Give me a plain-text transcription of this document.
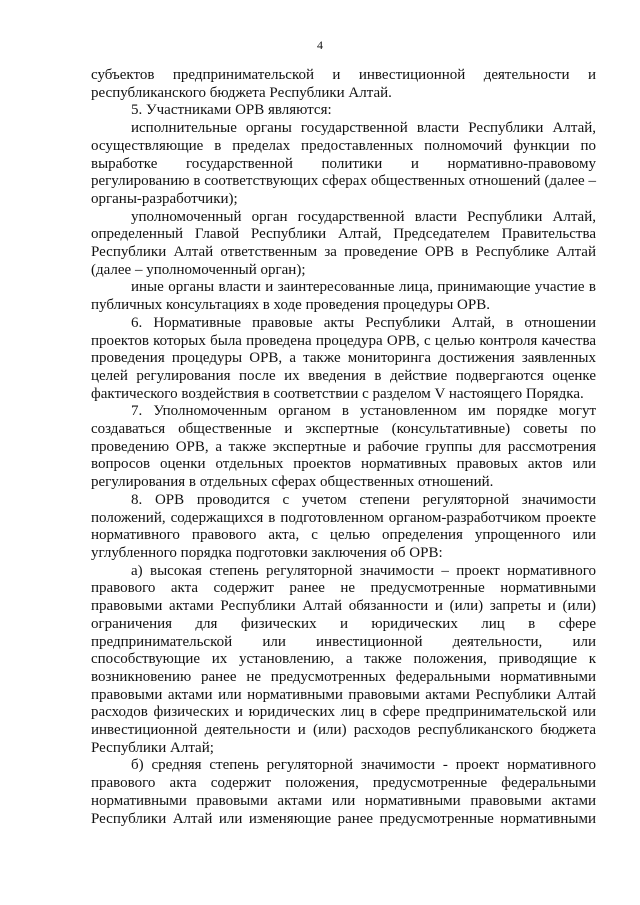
4

субъектов предпринимательской и инвестиционной деятельности и республиканского бюджета Республики Алтай.

5. Участниками ОРВ являются:

исполнительные органы государственной власти Республики Алтай, осуществляющие в пределах предоставленных полномочий функции по выработке государственной политики и нормативно-правовому регулированию в соответствующих сферах общественных отношений (далее – органы-разработчики);

уполномоченный орган государственной власти Республики Алтай, определенный Главой Республики Алтай, Председателем Правительства Республики Алтай ответственным за проведение ОРВ в Республике Алтай (далее – уполномоченный орган);

иные органы власти и заинтересованные лица, принимающие участие в публичных консультациях в ходе проведения процедуры ОРВ.

6. Нормативные правовые акты Республики Алтай, в отношении проектов которых была проведена процедура ОРВ, с целью контроля качества проведения процедуры ОРВ, а также мониторинга достижения заявленных целей регулирования после их введения в действие подвергаются оценке фактического воздействия в соответствии с разделом V настоящего Порядка.

7. Уполномоченным органом в установленном им порядке могут создаваться общественные и экспертные (консультативные) советы по проведению ОРВ, а также экспертные и рабочие группы для рассмотрения вопросов оценки отдельных проектов нормативных правовых актов или регулирования в отдельных сферах общественных отношений.

8. ОРВ проводится с учетом степени регуляторной значимости положений, содержащихся в подготовленном органом-разработчиком проекте нормативного правового акта, с целью определения упрощенного или углубленного порядка подготовки заключения об ОРВ:

а) высокая степень регуляторной значимости – проект нормативного правового акта содержит ранее не предусмотренные нормативными правовыми актами Республики Алтай обязанности и (или) запреты и (или) ограничения для физических и юридических лиц в сфере предпринимательской или инвестиционной деятельности, или способствующие их установлению, а также положения, приводящие к возникновению ранее не предусмотренных федеральными нормативными правовыми актами или нормативными правовыми актами Республики Алтай расходов физических и юридических лиц в сфере предпринимательской или инвестиционной деятельности и (или) расходов республиканского бюджета Республики Алтай;

б) средняя степень регуляторной значимости - проект нормативного правового акта содержит положения, предусмотренные федеральными нормативными правовыми актами или нормативными правовыми актами Республики Алтай или изменяющие ранее предусмотренные нормативными
